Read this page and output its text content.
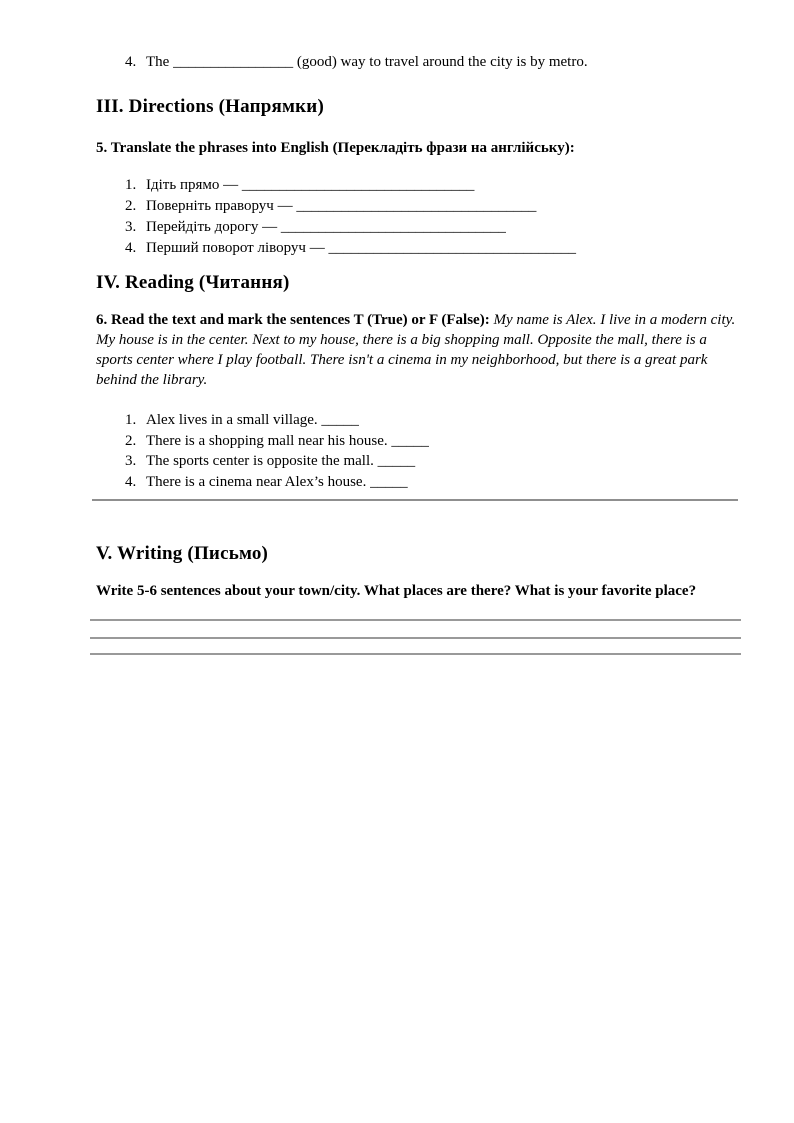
4. The ________________ (good) way to travel around the city is by metro.
III. Directions (Напрямки)

5. Translate the phrases into English (Перекладіть фрази на англійську):

1. Ідіть прямо — _______________________________
2. Поверніть праворуч — ________________________________
3. Перейдіть дорогу — ______________________________
4. Перший поворот ліворуч — _________________________________
IV. Reading (Читання)

6. Read the text and mark the sentences T (True) or F (False): My name is Alex. I live in a modern city. My house is in the center. Next to my house, there is a big shopping mall. Opposite the mall, there is a sports center where I play football. There isn't a cinema in my neighborhood, but there is a great park behind the library.

1. Alex lives in a small village. _____
2. There is a shopping mall near his house. _____
3. The sports center is opposite the mall. _____
4. There is a cinema near Alex’s house. _____
V. Writing (Письмо)

Write 5-6 sentences about your town/city. What places are there? What is your favorite place?
